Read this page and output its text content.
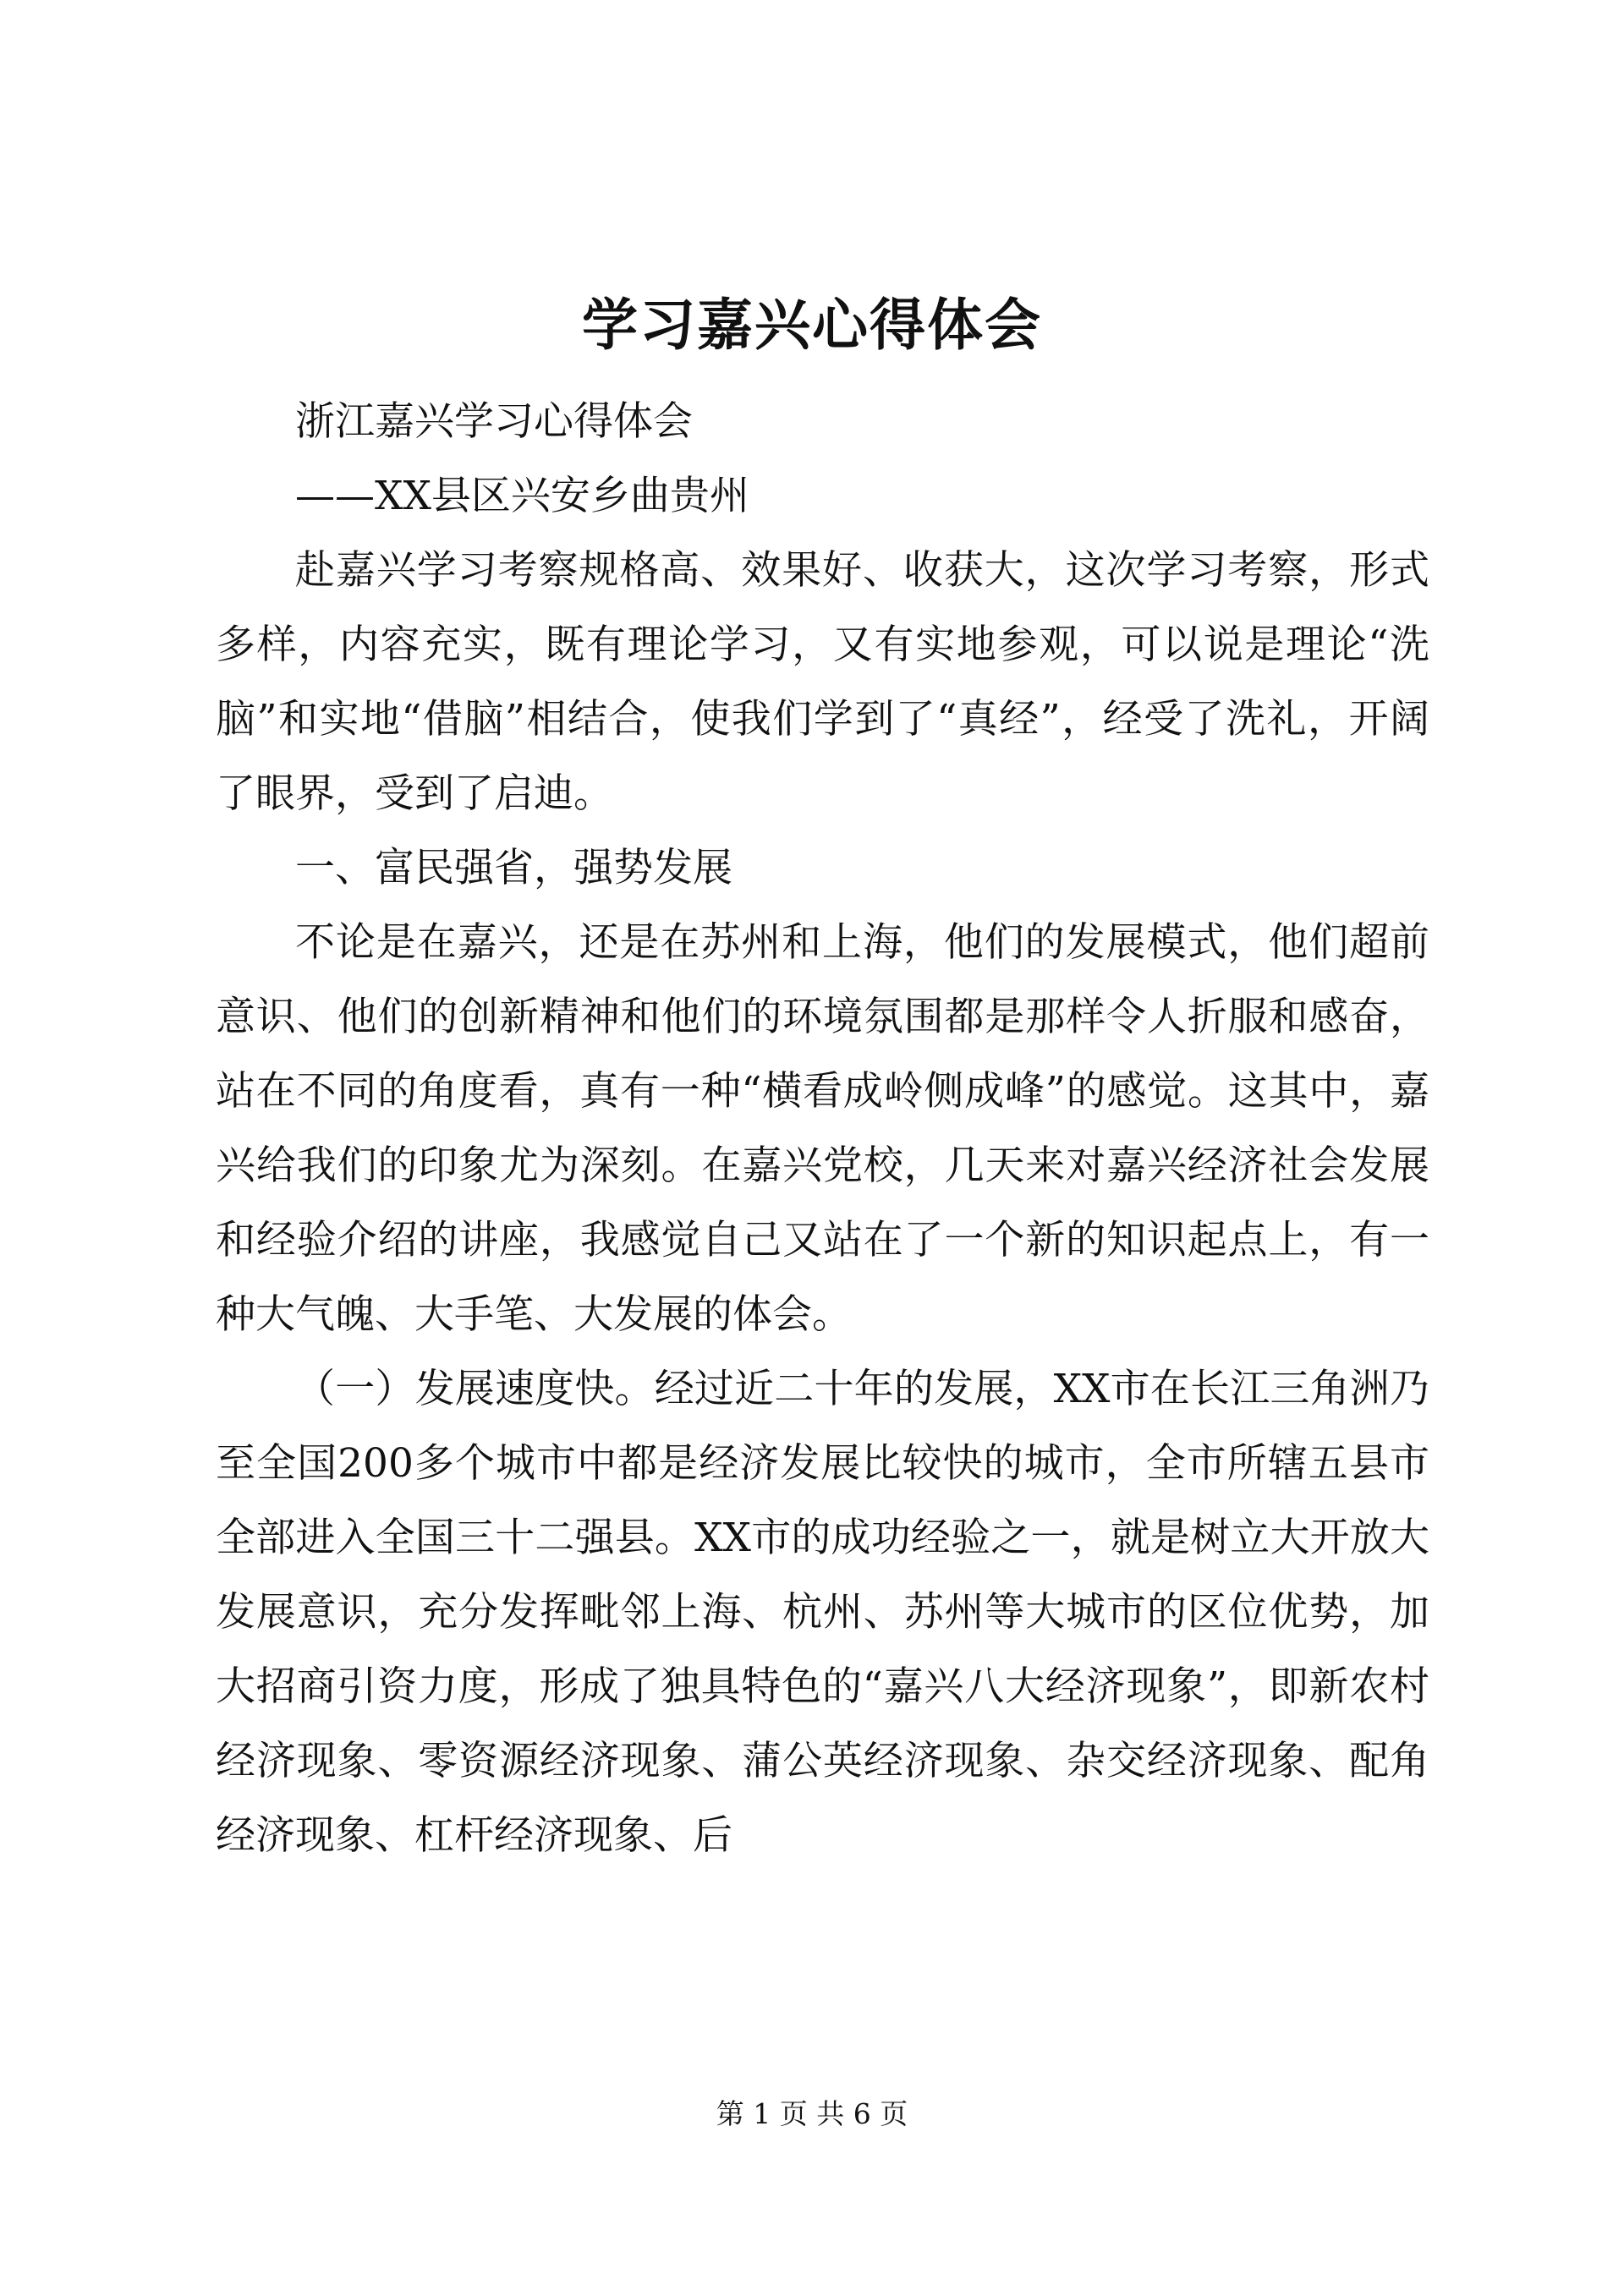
学习嘉兴心得体会

浙江嘉兴学习心得体会

——XX县区兴安乡曲贵州

赴嘉兴学习考察规格高、效果好、收获大，这次学习考察，形式多样，内容充实，既有理论学习，又有实地参观，可以说是理论“洗脑”和实地“借脑”相结合，使我们学到了“真经”，经受了洗礼，开阔了眼界，受到了启迪。

一、富民强省，强势发展

不论是在嘉兴，还是在苏州和上海，他们的发展模式，他们超前意识、他们的创新精神和他们的环境氛围都是那样令人折服和感奋，站在不同的角度看，真有一种“横看成岭侧成峰”的感觉。这其中，嘉兴给我们的印象尤为深刻。在嘉兴党校，几天来对嘉兴经济社会发展和经验介绍的讲座，我感觉自己又站在了一个新的知识起点上，有一种大气魄、大手笔、大发展的体会。

（一）发展速度快。经过近二十年的发展，XX市在长江三角洲乃至全国200多个城市中都是经济发展比较快的城市，全市所辖五县市全部进入全国三十二强县。XX市的成功经验之一，就是树立大开放大发展意识，充分发挥毗邻上海、杭州、苏州等大城市的区位优势，加大招商引资力度，形成了独具特色的“嘉兴八大经济现象”，即新农村经济现象、零资源经济现象、蒲公英经济现象、杂交经济现象、配角经济现象、杠杆经济现象、后

第 1 页 共 6 页
